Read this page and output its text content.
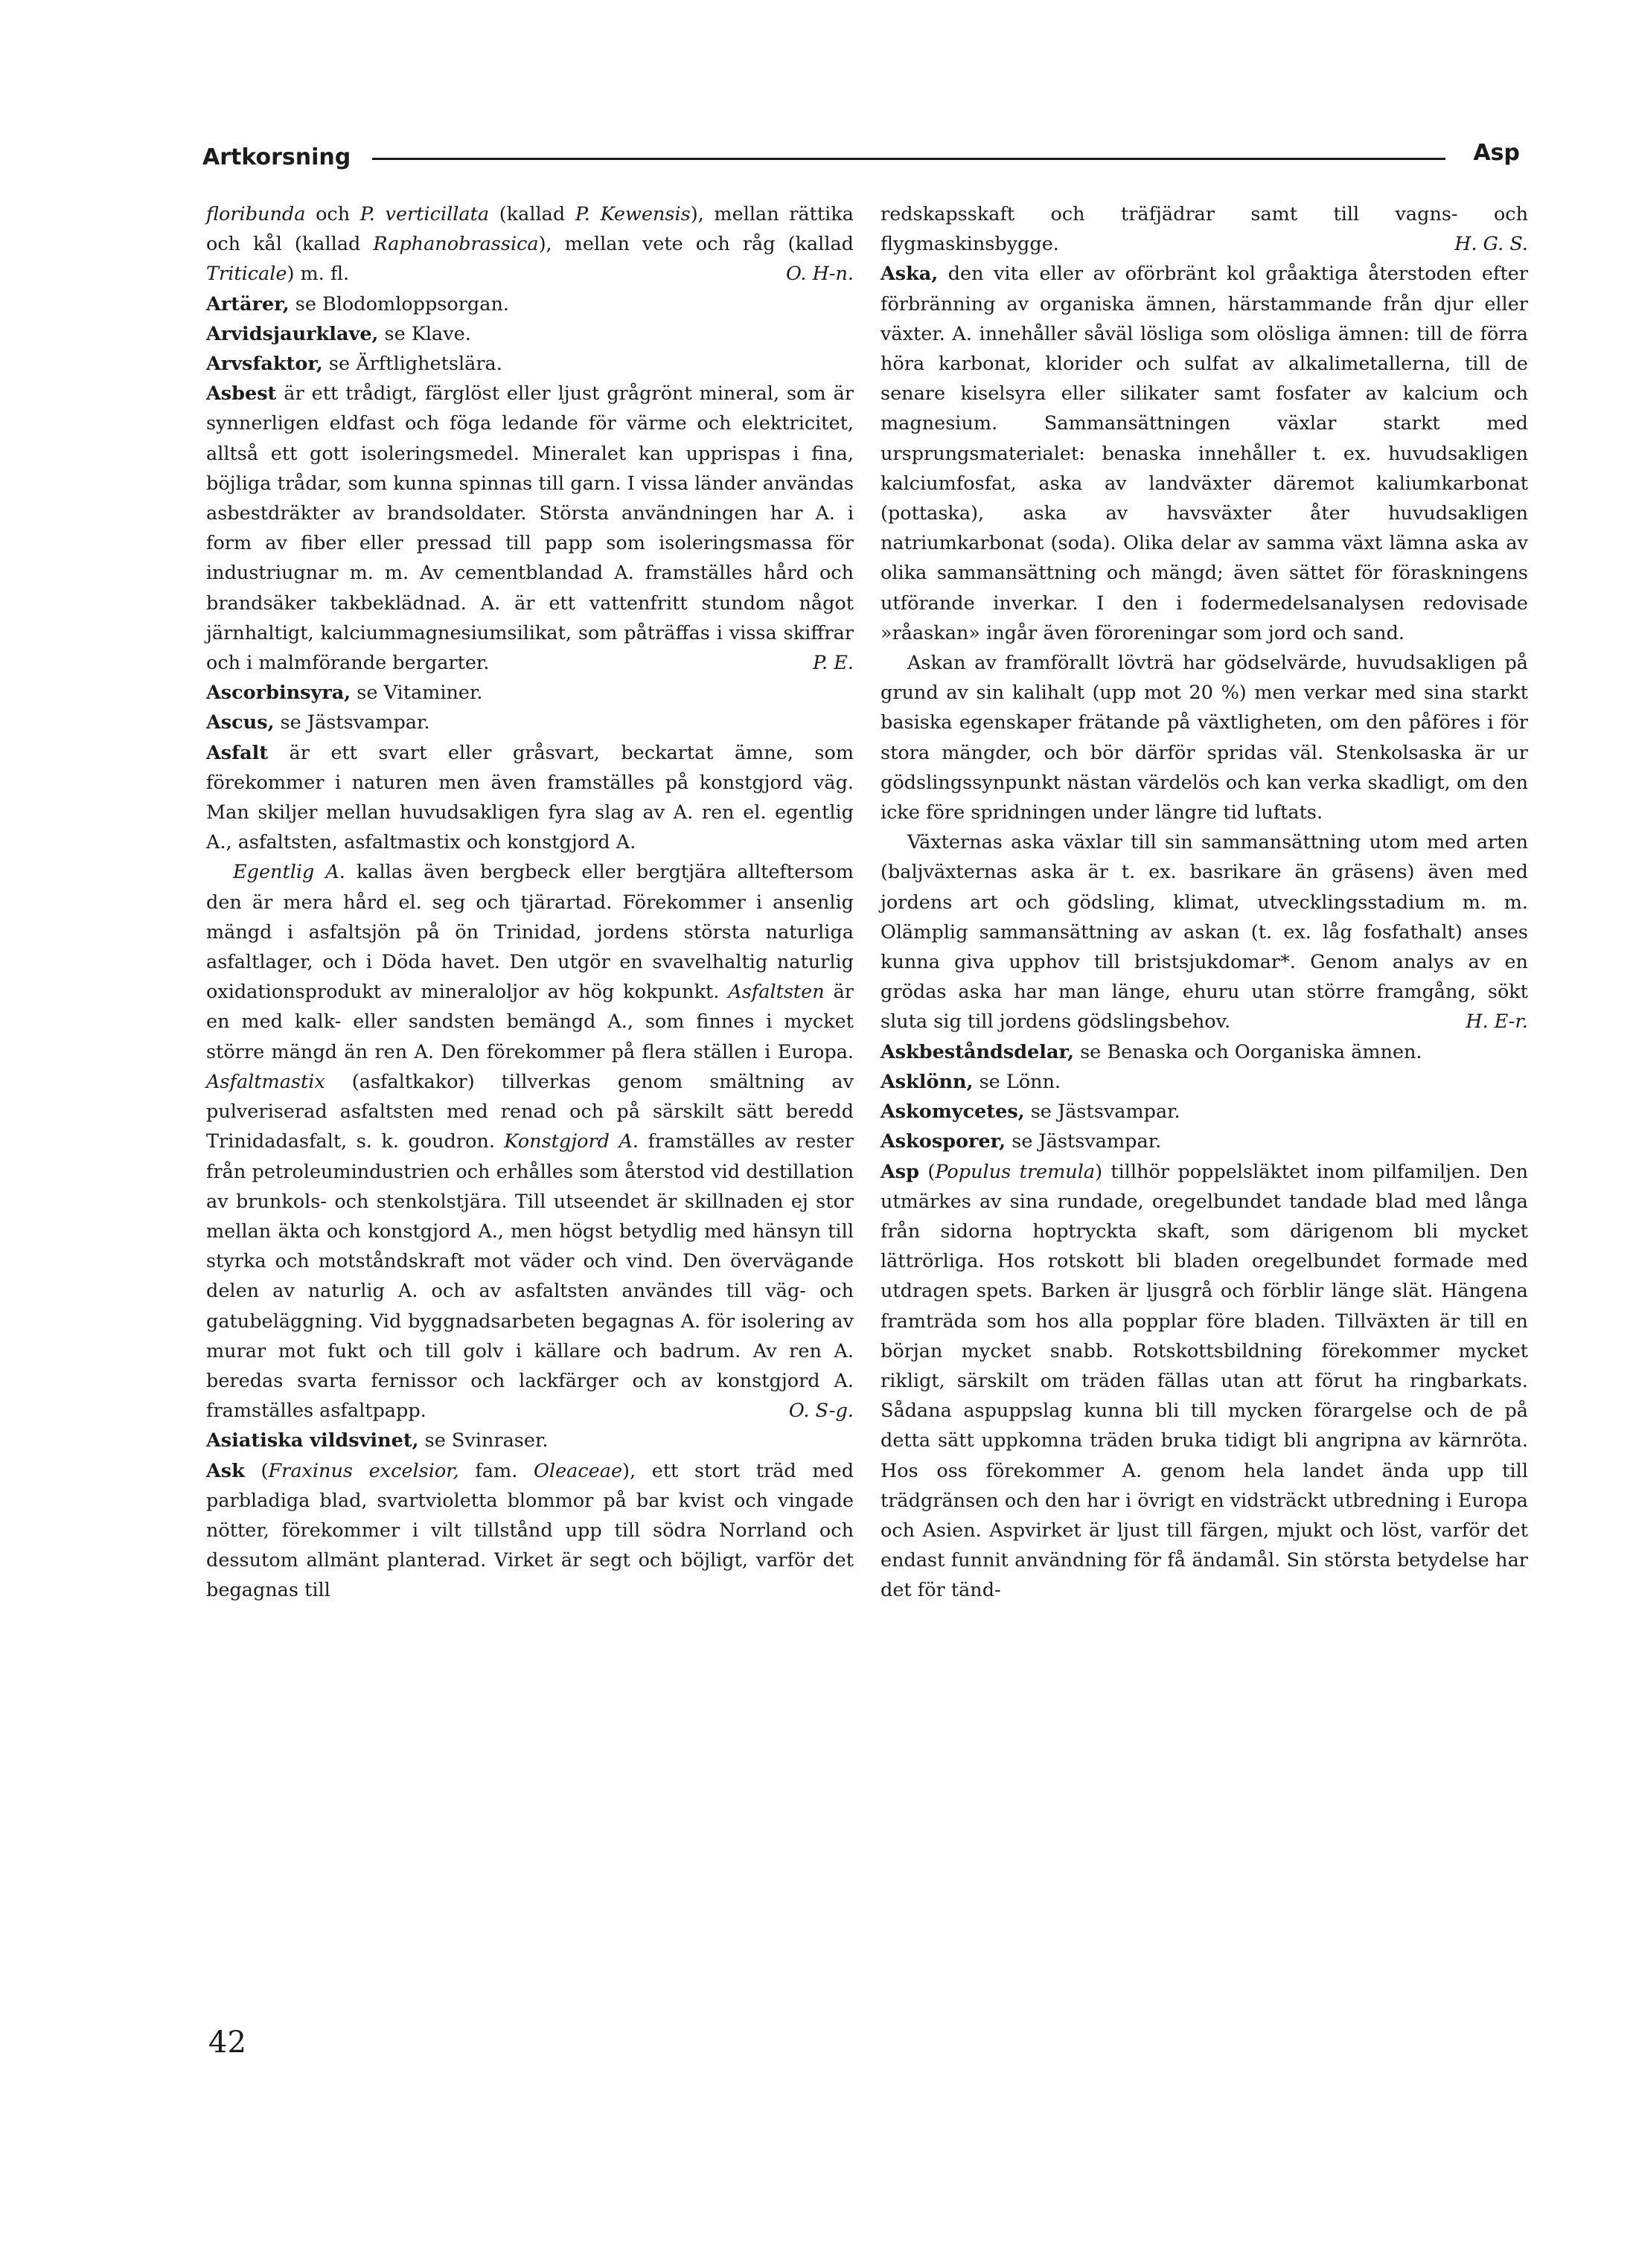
Artkorsning	Asp

floribunda och P. verticillata (kallad P. Kewensis), mellan rättika och kål (kallad Raphanobrassica), mellan vete och råg (kallad Triticale) m. fl.	O. H-n.

Artärer, se Blodomloppsorgan.

Arvidsjaurklave, se Klave.

Arvsfaktor, se Ärftlighetslära.

Asbest är ett trådigt, färglöst eller ljust grågrönt mineral, som är synnerligen eldfast och föga ledande för värme och elektricitet, alltså ett gott isoleringsmedel. Mineralet kan upprispas i fina, böjliga trådar, som kunna spinnas till garn. I vissa länder användas asbestdräkter av brandsoldater. Största användningen har A. i form av fiber eller pressad till papp som isoleringsmassa för industriugnar m. m. Av cementblandad A. framställes hård och brandsäker takbeklädnad. A. är ett vattenfritt stundom något järnhaltigt, kalciummagnesiumsilikat, som påträffas i vissa skiffrar och i malmförande bergarter.	P. E.

Ascorbinsyra, se Vitaminer.

Ascus, se Jästsvampar.

Asfalt är ett svart eller gråsvart, beckartat ämne, som förekommer i naturen men även framställes på konstgjord väg. Man skiljer mellan huvudsakligen fyra slag av A. ren el. egentlig A., asfaltsten, asfaltmastix och konstgjord A.

Egentlig A. kallas även bergbeck eller bergtjära allteftersom den är mera hård el. seg och tjärartad. Förekommer i ansenlig mängd i asfaltsjön på ön Trinidad, jordens största naturliga asfaltlager, och i Döda havet. Den utgör en svavelhaltig naturlig oxidationsprodukt av mineraloljor av hög kokpunkt. Asfaltsten är en med kalk- eller sandsten bemängd A., som finnes i mycket större mängd än ren A. Den förekommer på flera ställen i Europa. Asfaltmastix (asfaltkakor) tillverkas genom smältning av pulveriserad asfaltsten med renad och på särskilt sätt beredd Trinidadasfalt, s. k. goudron. Konstgjord A. framställes av rester från petroleumindustrien och erhålles som återstod vid destillation av brunkols- och stenkolstjära. Till utseendet är skillnaden ej stor mellan äkta och konstgjord A., men högst betydlig med hänsyn till styrka och motståndskraft mot väder och vind. Den övervägande delen av naturlig A. och av asfaltsten användes till väg- och gatubeläggning. Vid byggnadsarbeten begagnas A. för isolering av murar mot fukt och till golv i källare och badrum. Av ren A. beredas svarta fernissor och lackfärger och av konstgjord A. framställes asfaltpapp.	O. S-g.

Asiatiska vildsvinet, se Svinraser.

Ask (Fraxinus excelsior, fam. Oleaceae), ett stort träd med parbladiga blad, svartvioletta blommor på bar kvist och vingade nötter, förekommer i vilt tillstånd upp till södra Norrland och dessutom allmänt planterad. Virket är segt och böjligt, varför det begagnas till

redskapsskaft och träfjädrar samt till vagns- och flygmaskinsbygge.	H. G. S.

Aska, den vita eller av oförbränt kol gråaktiga återstoden efter förbränning av organiska ämnen, härstammande från djur eller växter. A. innehåller såväl lösliga som olösliga ämnen: till de förra höra karbonat, klorider och sulfat av alkalimetallerna, till de senare kiselsyra eller silikater samt fosfater av kalcium och magnesium. Sammansättningen växlar starkt med ursprungsmaterialet: benaska innehåller t. ex. huvudsakligen kalciumfosfat, aska av landväxter däremot kaliumkarbonat (pottaska), aska av havsväxter åter huvudsakligen natriumkarbonat (soda). Olika delar av samma växt lämna aska av olika sammansättning och mängd; även sättet för föraskningens utförande inverkar. I den i fodermedelsanalysen redovisade »råaskan» ingår även föroreningar som jord och sand.

Askan av framförallt lövträ har gödselvärde, huvudsakligen på grund av sin kalihalt (upp mot 20 %) men verkar med sina starkt basiska egenskaper frätande på växtligheten, om den påföres i för stora mängder, och bör därför spridas väl. Stenkolsaska är ur gödslingssynpunkt nästan värdelös och kan verka skadligt, om den icke före spridningen under längre tid luftats.

Växternas aska växlar till sin sammansättning utom med arten (baljväxternas aska är t. ex. basrikare än gräsens) även med jordens art och gödsling, klimat, utvecklingsstadium m. m. Olämplig sammansättning av askan (t. ex. låg fosfathalt) anses kunna giva upphov till bristsjukdomar*. Genom analys av en grödas aska har man länge, ehuru utan större framgång, sökt sluta sig till jordens gödslingsbehov.	H. E-r.

Askbeståndsdelar, se Benaska och Oorganiska ämnen.

Asklönn, se Lönn.

Askomycetes, se Jästsvampar.

Askosporer, se Jästsvampar.

Asp (Populus tremula) tillhör poppelsläktet inom pilfamiljen. Den utmärkes av sina rundade, oregelbundet tandade blad med långa från sidorna hoptryckta skaft, som därigenom bli mycket lättrörliga. Hos rotskott bli bladen oregelbundet formade med utdragen spets. Barken är ljusgrå och förblir länge slät. Hängena framträda som hos alla popplar före bladen. Tillväxten är till en början mycket snabb. Rotskottsbildning förekommer mycket rikligt, särskilt om träden fällas utan att förut ha ringbarkats. Sådana aspuppslag kunna bli till mycken förargelse och de på detta sätt uppkomna träden bruka tidigt bli angripna av kärnröta. Hos oss förekommer A. genom hela landet ända upp till trädgränsen och den har i övrigt en vidsträckt utbredning i Europa och Asien. Aspvirket är ljust till färgen, mjukt och löst, varför det endast funnit användning för få ändamål. Sin största betydelse har det för tänd-

42
